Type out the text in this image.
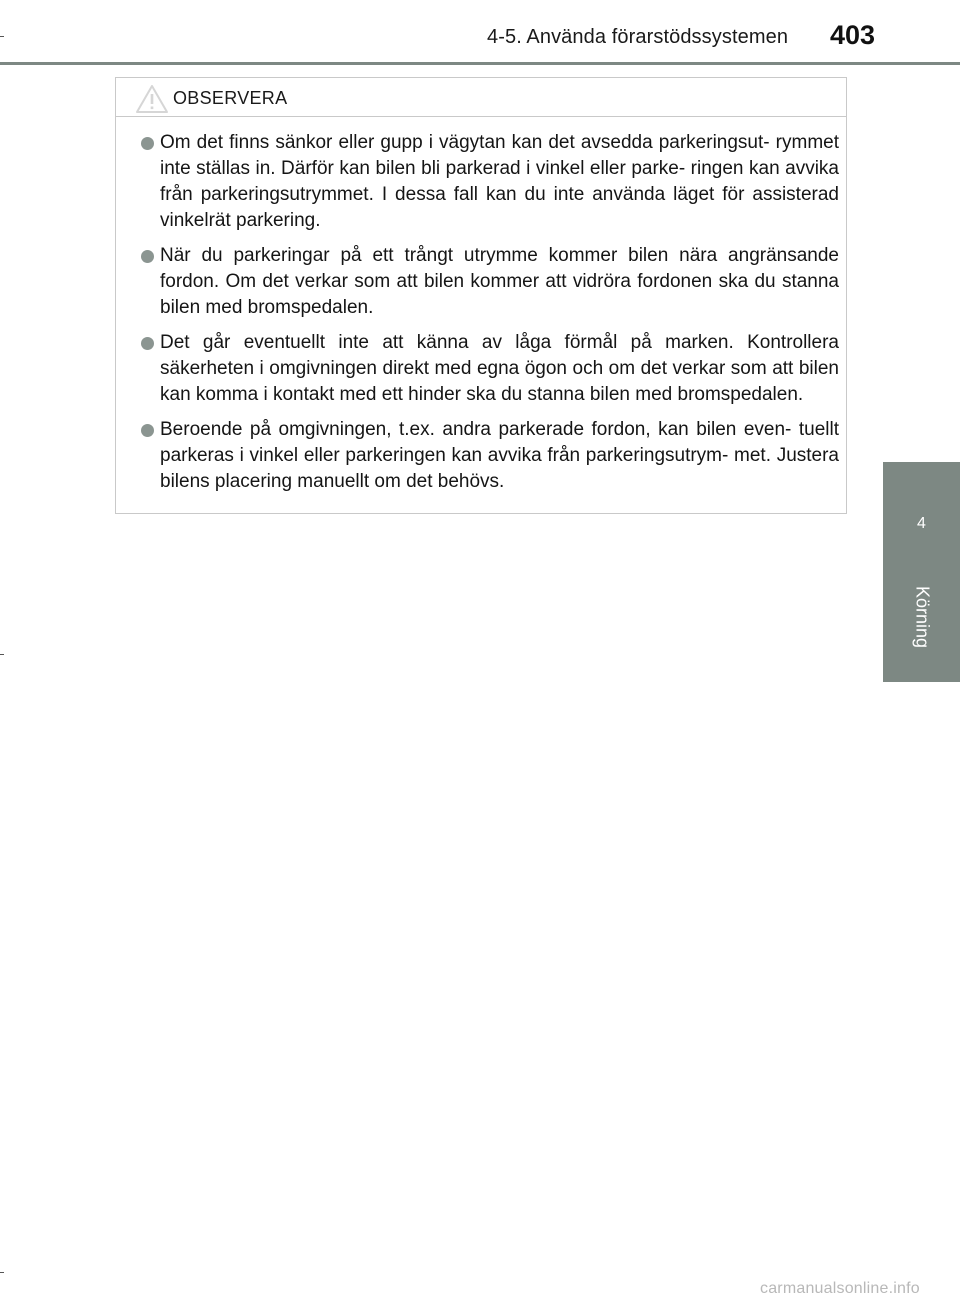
4-5. Använda förarstödssystemen 403
4
Körning
OBSERVERA
Om det finns sänkor eller gupp i vägytan kan det avsedda parkeringsut- rymmet inte ställas in. Därför kan bilen bli parkerad i vinkel eller parke- ringen kan avvika från parkeringsutrymmet. I dessa fall kan du inte använda läget för assisterad vinkelrät parkering.
När du parkeringar på ett trångt utrymme kommer bilen nära angränsande fordon. Om det verkar som att bilen kommer att vidröra fordonen ska du stanna bilen med bromspedalen.
Det går eventuellt inte att känna av låga förmål på marken. Kontrollera säkerheten i omgivningen direkt med egna ögon och om det verkar som att bilen kan komma i kontakt med ett hinder ska du stanna bilen med bromspedalen.
Beroende på omgivningen, t.ex. andra parkerade fordon, kan bilen even- tuellt parkeras i vinkel eller parkeringen kan avvika från parkeringsutrym- met. Justera bilens placering manuellt om det behövs.
carmanualsonline.info
